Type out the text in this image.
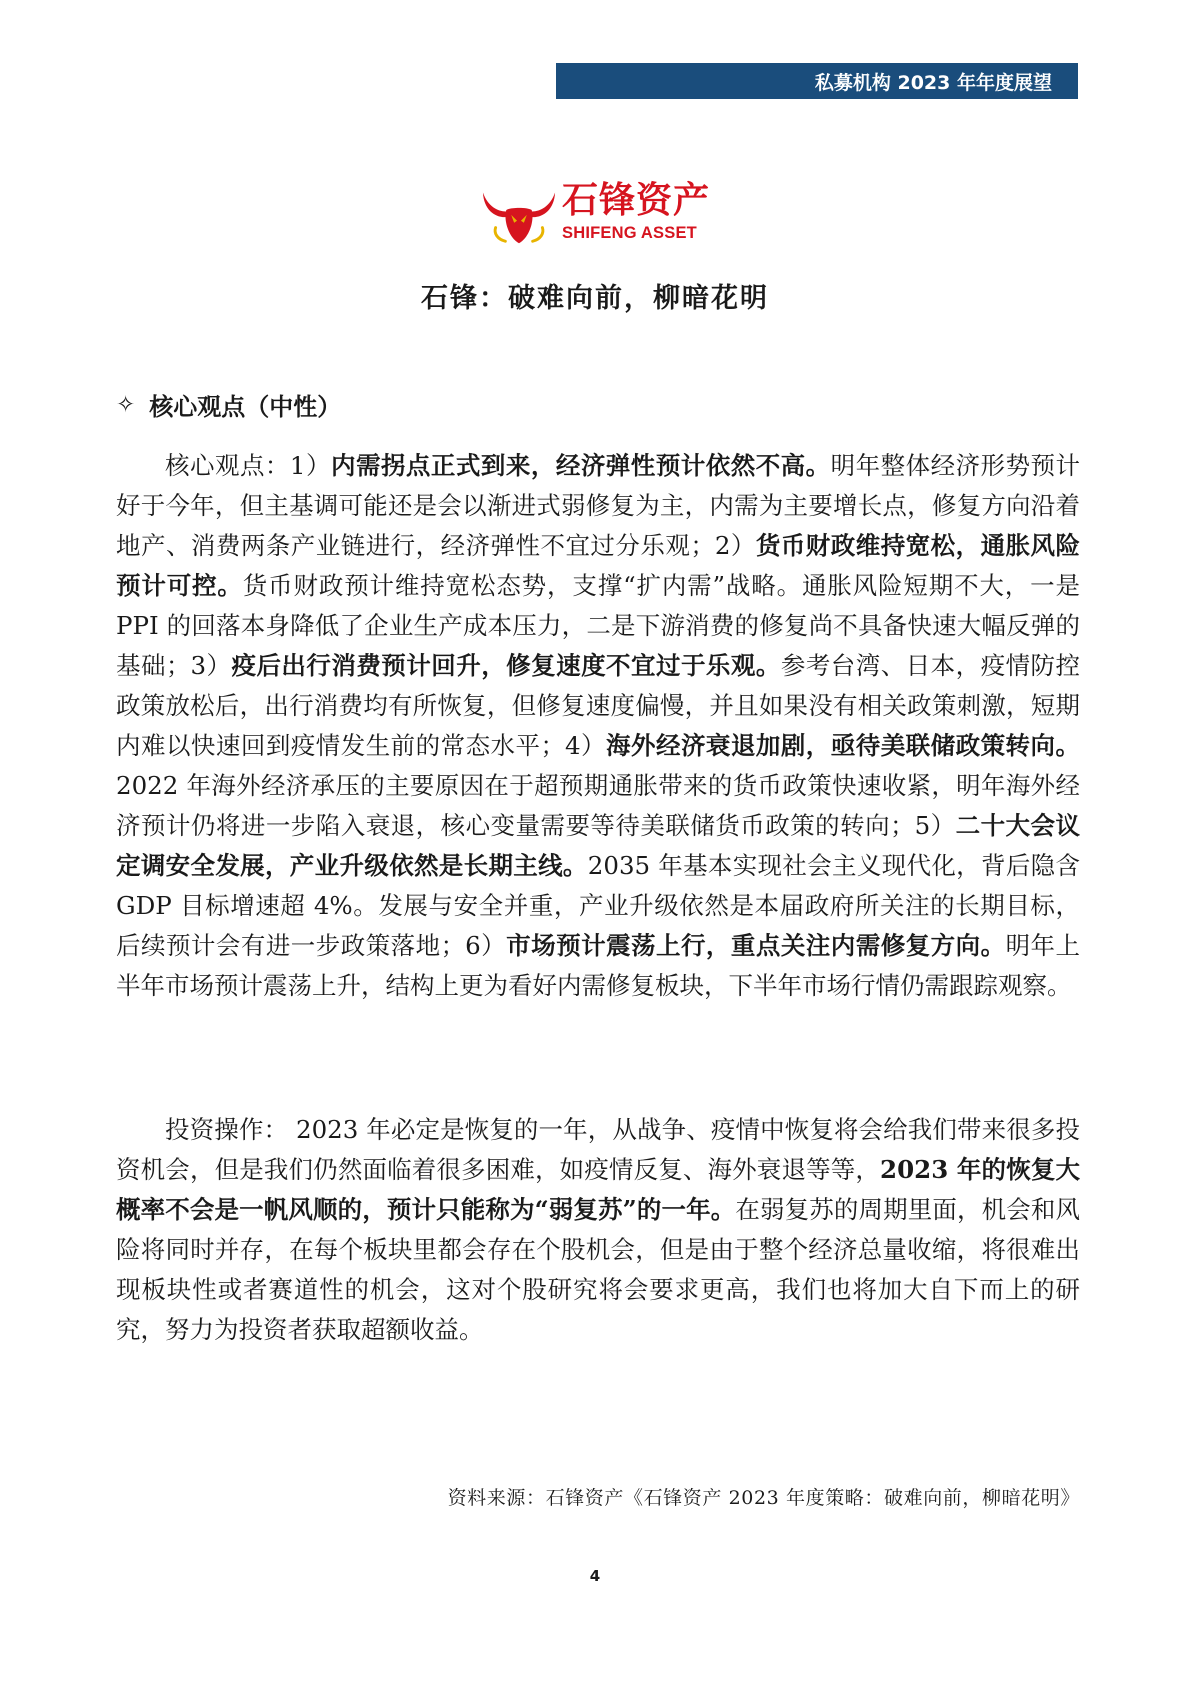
私募机构 2023 年年度展望
石锋资产
SHIFENG ASSET
石锋：破难向前，柳暗花明
✧ 核心观点（中性）

核心观点：1）内需拐点正式到来，经济弹性预计依然不高。明年整体经济形势预计好于今年，但主基调可能还是会以渐进式弱修复为主，内需为主要增长点，修复方向沿着地产、消费两条产业链进行，经济弹性不宜过分乐观；2）货币财政维持宽松，通胀风险预计可控。货币财政预计维持宽松态势，支撑“扩内需”战略。通胀风险短期不大，一是 PPI 的回落本身降低了企业生产成本压力，二是下游消费的修复尚不具备快速大幅反弹的基础；3）疫后出行消费预计回升，修复速度不宜过于乐观。参考台湾、日本，疫情防控政策放松后，出行消费均有所恢复，但修复速度偏慢，并且如果没有相关政策刺激，短期内难以快速回到疫情发生前的常态水平；4）海外经济衰退加剧，亟待美联储政策转向。2022 年海外经济承压的主要原因在于超预期通胀带来的货币政策快速收紧，明年海外经济预计仍将进一步陷入衰退，核心变量需要等待美联储货币政策的转向；5）二十大会议定调安全发展，产业升级依然是长期主线。2035 年基本实现社会主义现代化，背后隐含 GDP 目标增速超 4%。发展与安全并重，产业升级依然是本届政府所关注的长期目标，后续预计会有进一步政策落地；6）市场预计震荡上行，重点关注内需修复方向。明年上半年市场预计震荡上升，结构上更为看好内需修复板块，下半年市场行情仍需跟踪观察。

投资操作： 2023 年必定是恢复的一年，从战争、疫情中恢复将会给我们带来很多投资机会，但是我们仍然面临着很多困难，如疫情反复、海外衰退等等，2023 年的恢复大概率不会是一帆风顺的，预计只能称为“弱复苏”的一年。在弱复苏的周期里面，机会和风险将同时并存，在每个板块里都会存在个股机会，但是由于整个经济总量收缩，将很难出现板块性或者赛道性的机会，这对个股研究将会要求更高，我们也将加大自下而上的研究，努力为投资者获取超额收益。

资料来源：石锋资产《石锋资产 2023 年度策略：破难向前，柳暗花明》
4
